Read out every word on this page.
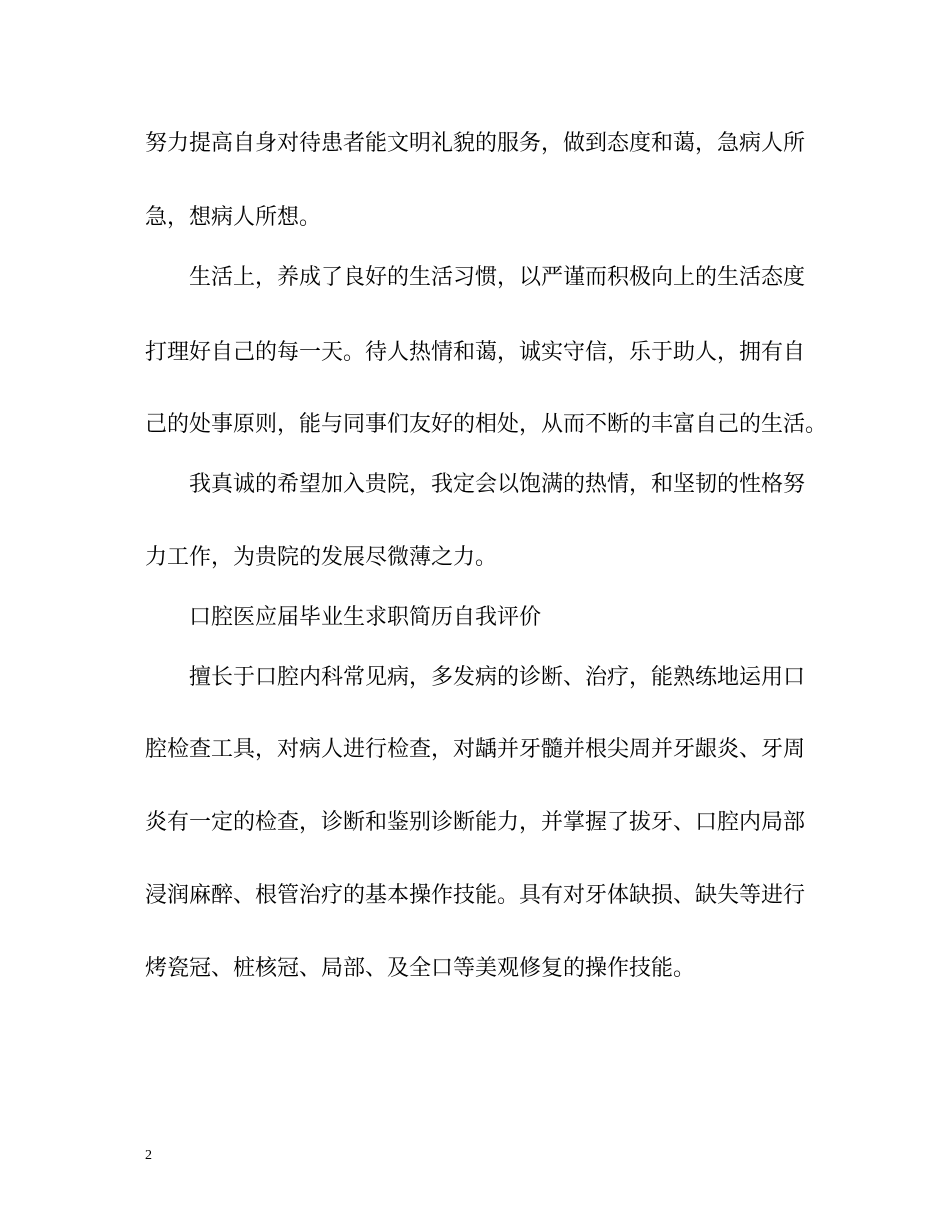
努力提高自身对待患者能文明礼貌的服务，做到态度和蔼，急病人所
急，想病人所想。
生活上，养成了良好的生活习惯，以严谨而积极向上的生活态度
打理好自己的每一天。待人热情和蔼，诚实守信，乐于助人，拥有自
己的处事原则，能与同事们友好的相处，从而不断的丰富自己的生活。
我真诚的希望加入贵院，我定会以饱满的热情，和坚韧的性格努
力工作，为贵院的发展尽微薄之力。
口腔医应届毕业生求职简历自我评价
擅长于口腔内科常见病，多发病的诊断、治疗，能熟练地运用口
腔检查工具，对病人进行检查，对龋并牙髓并根尖周并牙龈炎、牙周
炎有一定的检查，诊断和鉴别诊断能力，并掌握了拔牙、口腔内局部
浸润麻醉、根管治疗的基本操作技能。具有对牙体缺损、缺失等进行
烤瓷冠、桩核冠、局部、及全口等美观修复的操作技能。
2
